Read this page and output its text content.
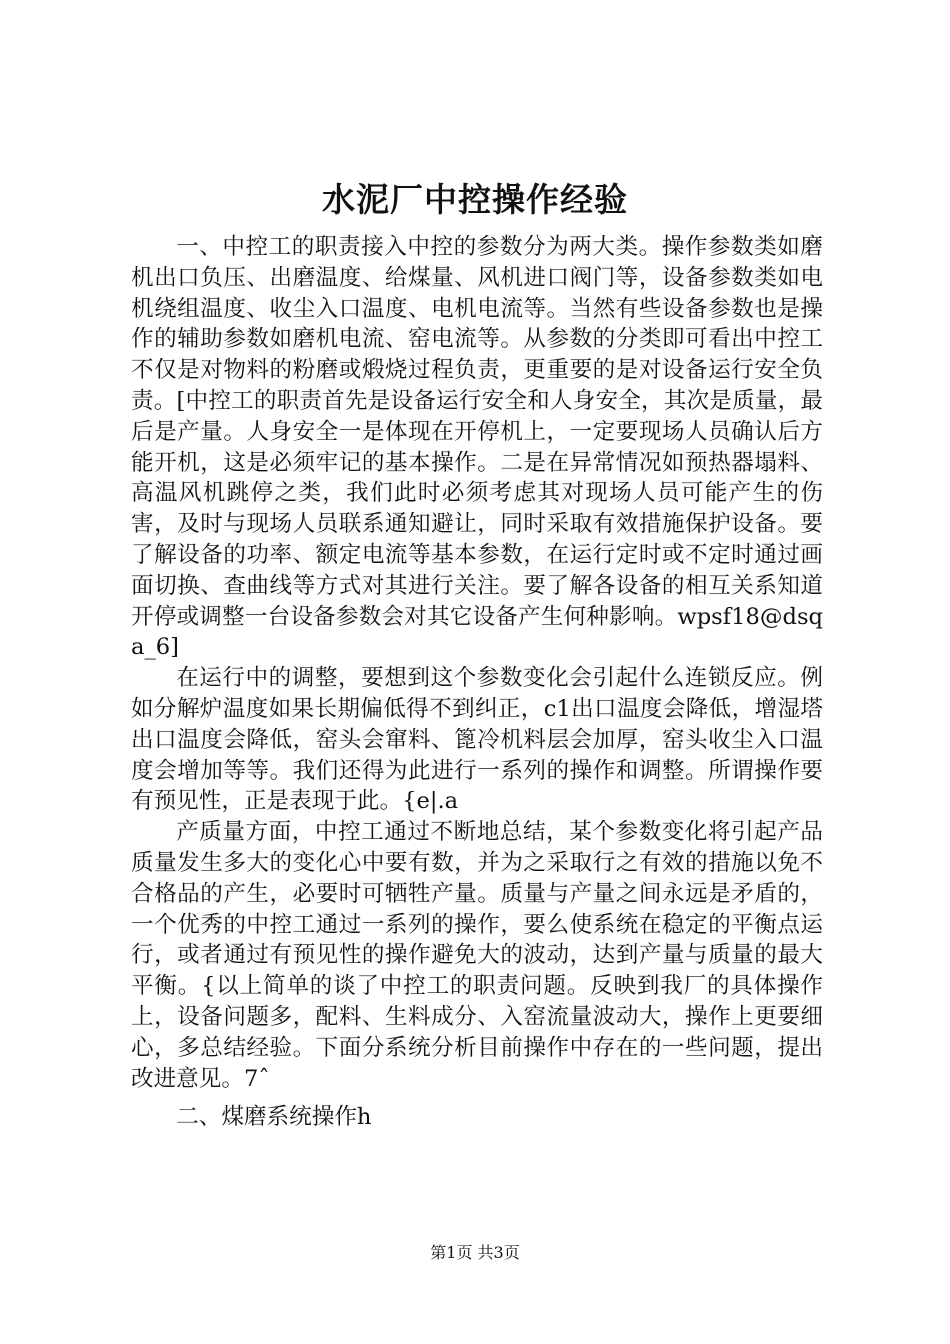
水泥厂中控操作经验

一、中控工的职责接入中控的参数分为两大类。操作参数类如磨机出口负压、出磨温度、给煤量、风机进口阀门等，设备参数类如电机绕组温度、收尘入口温度、电机电流等。当然有些设备参数也是操作的辅助参数如磨机电流、窑电流等。从参数的分类即可看出中控工不仅是对物料的粉磨或煅烧过程负责，更重要的是对设备运行安全负责。[中控工的职责首先是设备运行安全和人身安全，其次是质量，最后是产量。人身安全一是体现在开停机上，一定要现场人员确认后方能开机，这是必须牢记的基本操作。二是在异常情况如预热器塌料、高温风机跳停之类，我们此时必须考虑其对现场人员可能产生的伤害，及时与现场人员联系通知避让，同时采取有效措施保护设备。要了解设备的功率、额定电流等基本参数，在运行定时或不定时通过画面切换、查曲线等方式对其进行关注。要了解各设备的相互关系知道开停或调整一台设备参数会对其它设备产生何种影响。wpsf18@dsqa_6]

在运行中的调整，要想到这个参数变化会引起什么连锁反应。例如分解炉温度如果长期偏低得不到纠正，c1出口温度会降低，增湿塔出口温度会降低，窑头会窜料、篦冷机料层会加厚，窑头收尘入口温度会增加等等。我们还得为此进行一系列的操作和调整。所谓操作要有预见性，正是表现于此。{e|.a

产质量方面，中控工通过不断地总结，某个参数变化将引起产品质量发生多大的变化心中要有数，并为之采取行之有效的措施以免不合格品的产生，必要时可牺牲产量。质量与产量之间永远是矛盾的，一个优秀的中控工通过一系列的操作，要么使系统在稳定的平衡点运行，或者通过有预见性的操作避免大的波动，达到产量与质量的最大平衡。{以上简单的谈了中控工的职责问题。反映到我厂的具体操作上，设备问题多，配料、生料成分、入窑流量波动大，操作上更要细心，多总结经验。下面分系统分析目前操作中存在的一些问题，提出改进意见。7ˆ

二、煤磨系统操作h

第1页 共3页
